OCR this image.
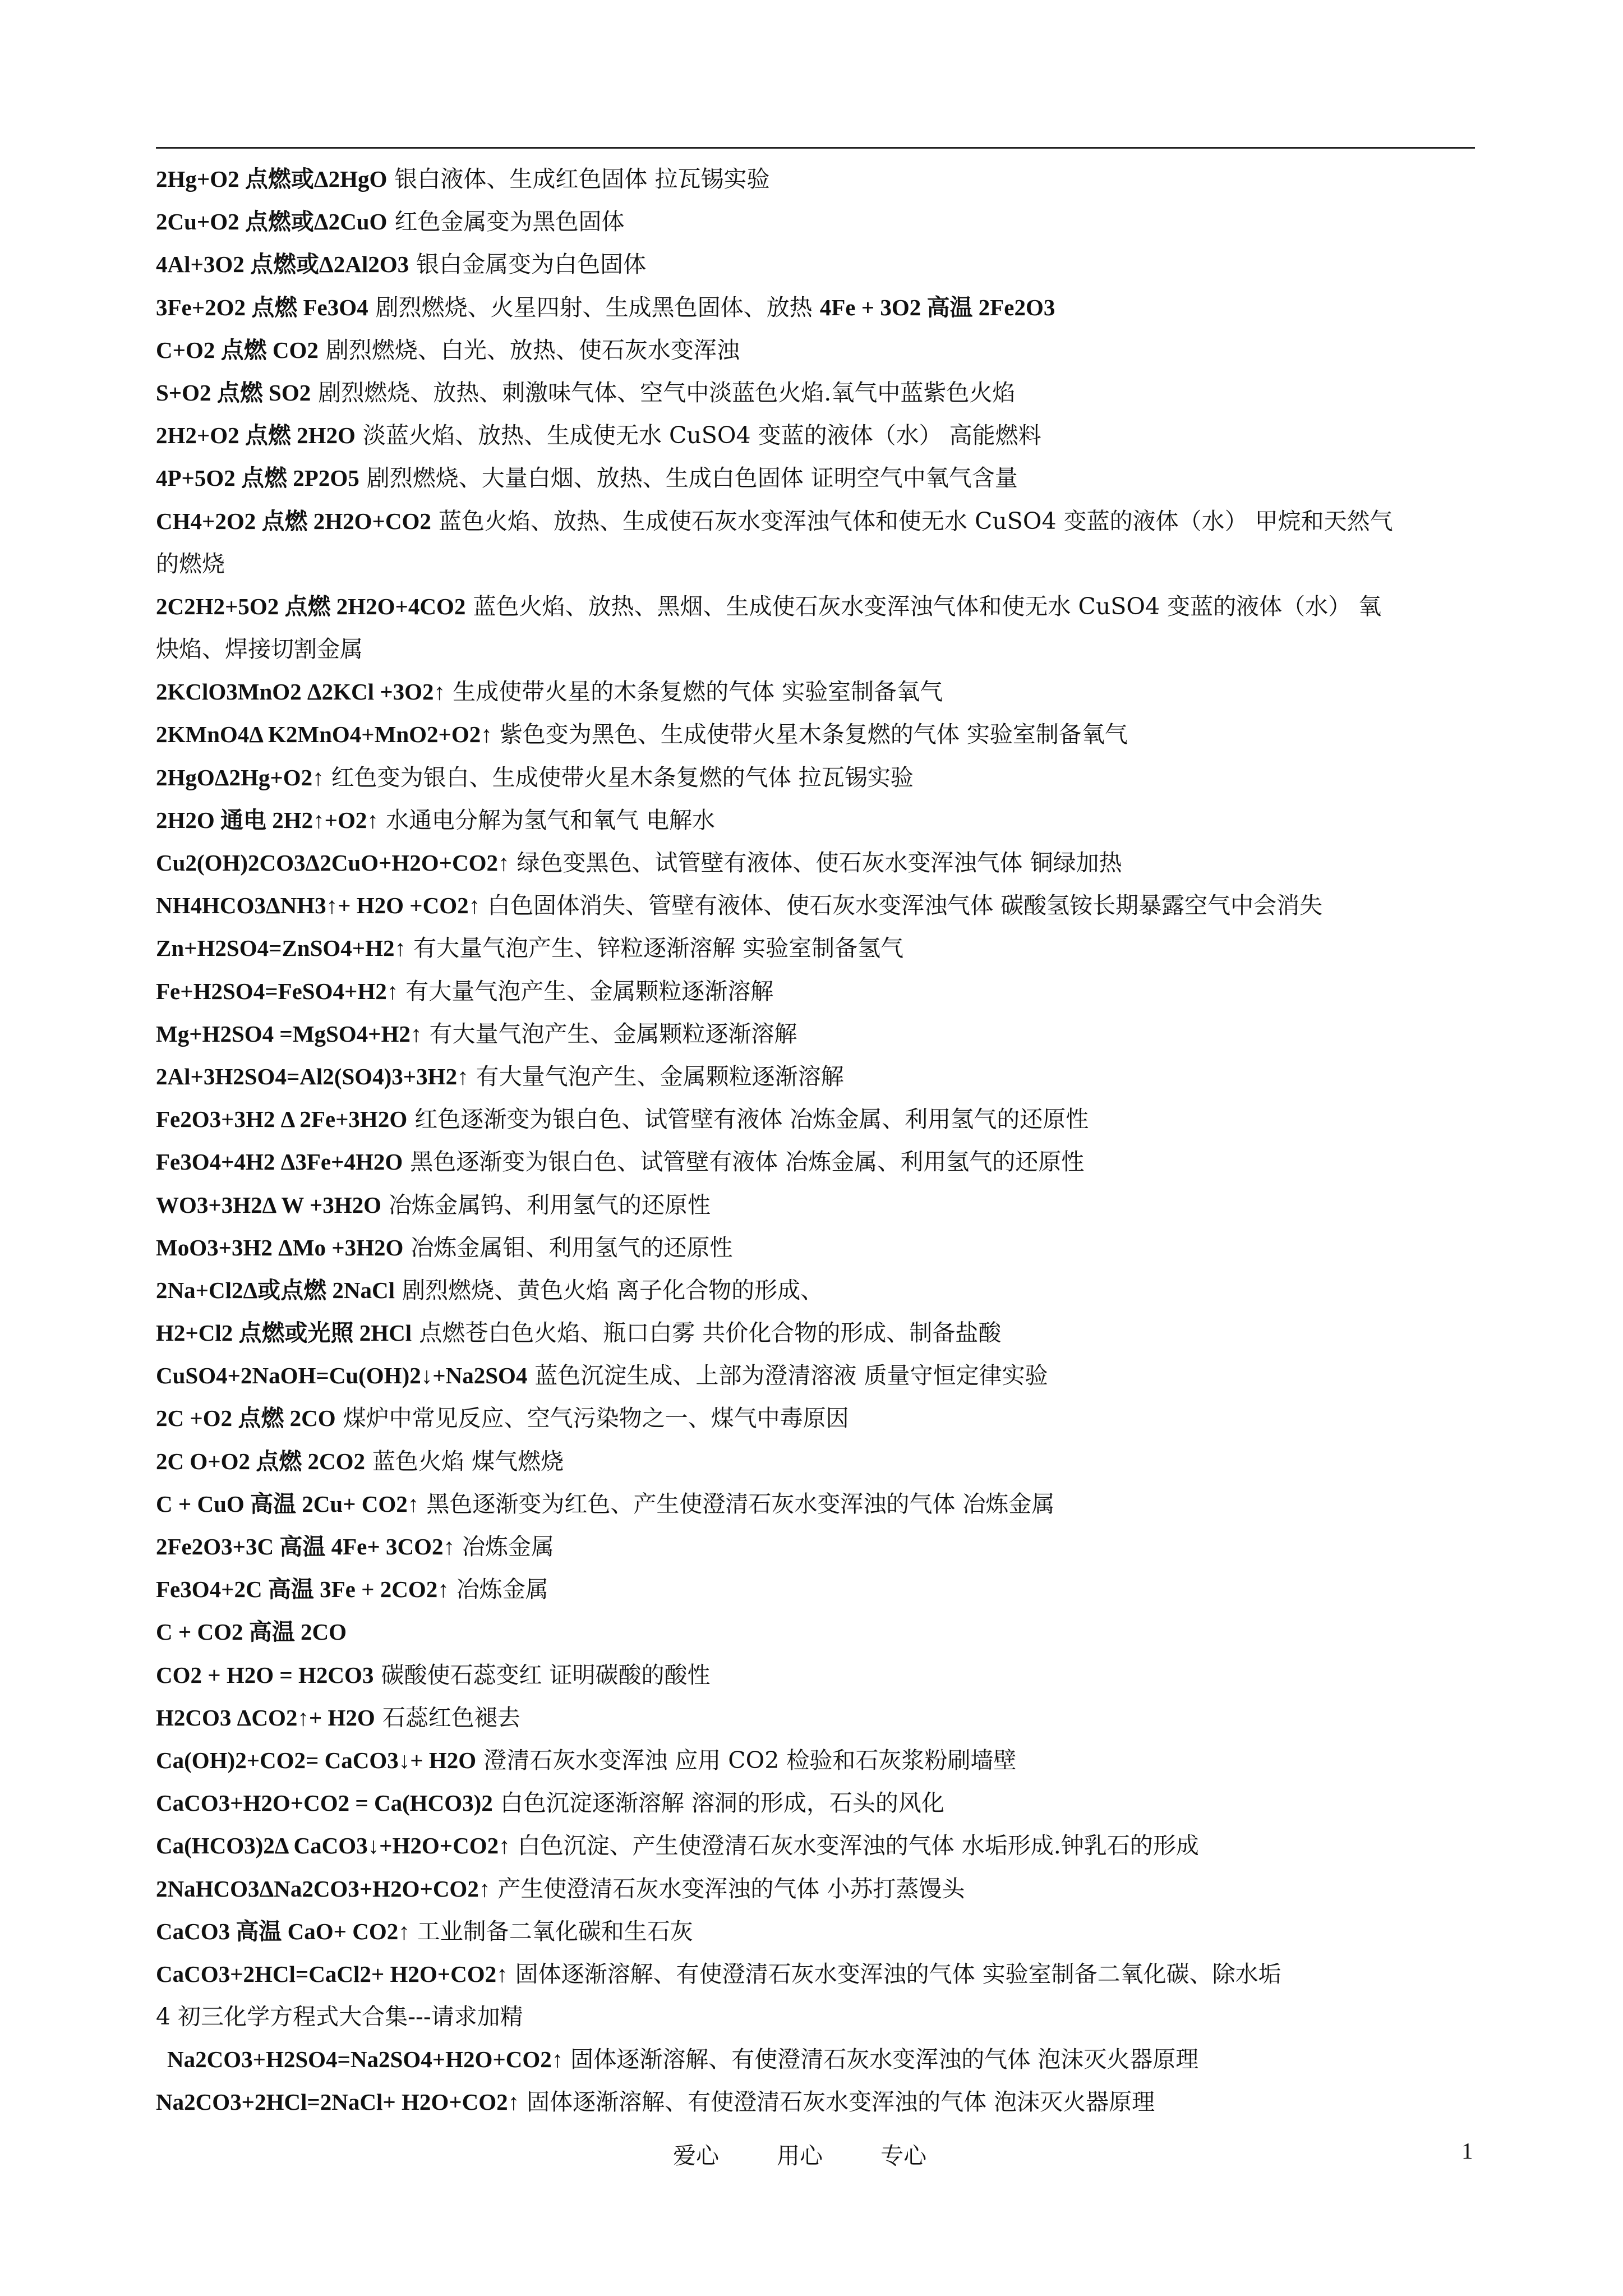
2Hg+O2 点燃或Δ2HgO 银白液体、生成红色固体 拉瓦锡实验
2Cu+O2 点燃或Δ2CuO 红色金属变为黑色固体
4Al+3O2 点燃或Δ2Al2O3 银白金属变为白色固体
3Fe+2O2 点燃 Fe3O4 剧烈燃烧、火星四射、生成黑色固体、放热 4Fe + 3O2 高温 2Fe2O3
C+O2 点燃 CO2 剧烈燃烧、白光、放热、使石灰水变浑浊
S+O2 点燃 SO2 剧烈燃烧、放热、刺激味气体、空气中淡蓝色火焰.氧气中蓝紫色火焰
2H2+O2 点燃 2H2O 淡蓝火焰、放热、生成使无水 CuSO4 变蓝的液体（水） 高能燃料
4P+5O2 点燃 2P2O5 剧烈燃烧、大量白烟、放热、生成白色固体 证明空气中氧气含量
CH4+2O2 点燃 2H2O+CO2 蓝色火焰、放热、生成使石灰水变浑浊气体和使无水 CuSO4 变蓝的液体（水） 甲烷和天然气
的燃烧
2C2H2+5O2 点燃 2H2O+4CO2 蓝色火焰、放热、黑烟、生成使石灰水变浑浊气体和使无水 CuSO4 变蓝的液体（水） 氧
炔焰、焊接切割金属
2KClO3MnO2 Δ2KCl +3O2↑ 生成使带火星的木条复燃的气体 实验室制备氧气
2KMnO4Δ K2MnO4+MnO2+O2↑ 紫色变为黑色、生成使带火星木条复燃的气体 实验室制备氧气
2HgOΔ2Hg+O2↑ 红色变为银白、生成使带火星木条复燃的气体 拉瓦锡实验
2H2O 通电 2H2↑+O2↑ 水通电分解为氢气和氧气 电解水
Cu2(OH)2CO3Δ2CuO+H2O+CO2↑ 绿色变黑色、试管壁有液体、使石灰水变浑浊气体 铜绿加热
NH4HCO3ΔNH3↑+ H2O +CO2↑ 白色固体消失、管壁有液体、使石灰水变浑浊气体 碳酸氢铵长期暴露空气中会消失
Zn+H2SO4=ZnSO4+H2↑ 有大量气泡产生、锌粒逐渐溶解 实验室制备氢气
Fe+H2SO4=FeSO4+H2↑ 有大量气泡产生、金属颗粒逐渐溶解
Mg+H2SO4 =MgSO4+H2↑ 有大量气泡产生、金属颗粒逐渐溶解
2Al+3H2SO4=Al2(SO4)3+3H2↑ 有大量气泡产生、金属颗粒逐渐溶解
Fe2O3+3H2 Δ 2Fe+3H2O 红色逐渐变为银白色、试管壁有液体 冶炼金属、利用氢气的还原性
Fe3O4+4H2 Δ3Fe+4H2O 黑色逐渐变为银白色、试管壁有液体 冶炼金属、利用氢气的还原性
WO3+3H2Δ W +3H2O 冶炼金属钨、利用氢气的还原性
MoO3+3H2 ΔMo +3H2O 冶炼金属钼、利用氢气的还原性
2Na+Cl2Δ或点燃 2NaCl 剧烈燃烧、黄色火焰 离子化合物的形成、
H2+Cl2 点燃或光照 2HCl 点燃苍白色火焰、瓶口白雾 共价化合物的形成、制备盐酸
CuSO4+2NaOH=Cu(OH)2↓+Na2SO4 蓝色沉淀生成、上部为澄清溶液 质量守恒定律实验
2C +O2 点燃 2CO 煤炉中常见反应、空气污染物之一、煤气中毒原因
2C O+O2 点燃 2CO2 蓝色火焰 煤气燃烧
C + CuO 高温 2Cu+ CO2↑ 黑色逐渐变为红色、产生使澄清石灰水变浑浊的气体 冶炼金属
2Fe2O3+3C 高温 4Fe+ 3CO2↑ 冶炼金属
Fe3O4+2C 高温 3Fe + 2CO2↑ 冶炼金属
C + CO2 高温 2CO
CO2 + H2O = H2CO3 碳酸使石蕊变红 证明碳酸的酸性
H2CO3 ΔCO2↑+ H2O 石蕊红色褪去
Ca(OH)2+CO2= CaCO3↓+ H2O 澄清石灰水变浑浊 应用 CO2 检验和石灰浆粉刷墙壁
CaCO3+H2O+CO2 = Ca(HCO3)2 白色沉淀逐渐溶解 溶洞的形成，石头的风化
Ca(HCO3)2Δ CaCO3↓+H2O+CO2↑ 白色沉淀、产生使澄清石灰水变浑浊的气体 水垢形成.钟乳石的形成
2NaHCO3ΔNa2CO3+H2O+CO2↑ 产生使澄清石灰水变浑浊的气体 小苏打蒸馒头
CaCO3 高温 CaO+ CO2↑ 工业制备二氧化碳和生石灰
CaCO3+2HCl=CaCl2+ H2O+CO2↑ 固体逐渐溶解、有使澄清石灰水变浑浊的气体 实验室制备二氧化碳、除水垢
4 初三化学方程式大合集---请求加精
Na2CO3+H2SO4=Na2SO4+H2O+CO2↑ 固体逐渐溶解、有使澄清石灰水变浑浊的气体 泡沫灭火器原理
Na2CO3+2HCl=2NaCl+ H2O+CO2↑ 固体逐渐溶解、有使澄清石灰水变浑浊的气体 泡沫灭火器原理
爱心	用心	专心	1
